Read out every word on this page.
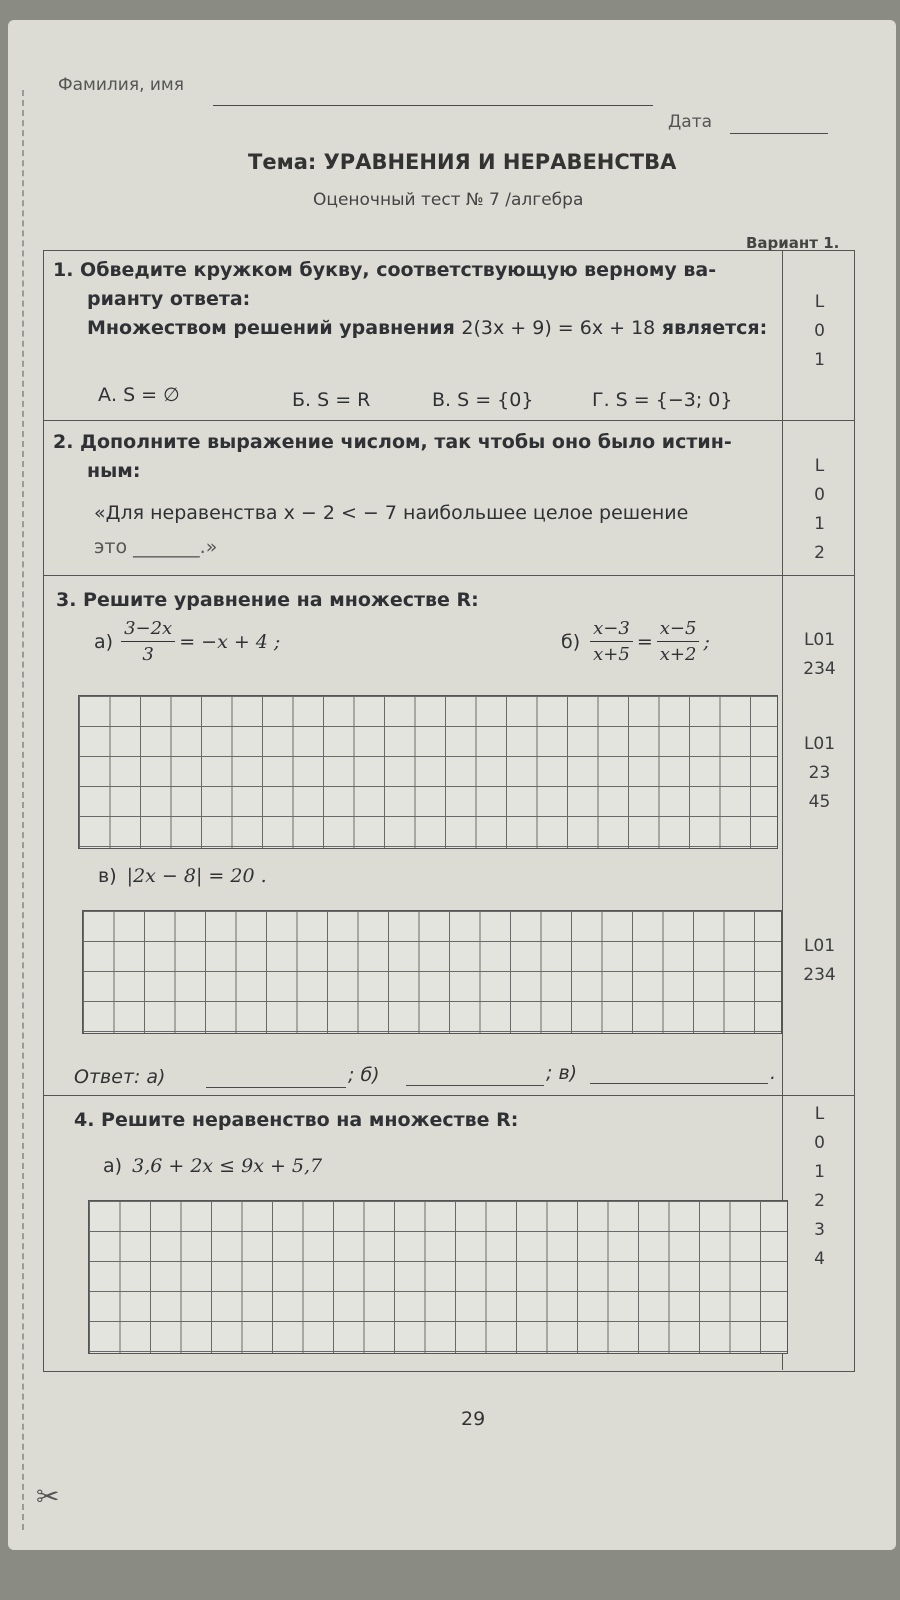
✂
Фамилия, имя
Дата
Тема: УРАВНЕНИЯ И НЕРАВЕНСТВА
Оценочный тест № 7 /алгебра
Вариант 1.
1. Обведите кружком букву, соответствующую верному ва-
рианту ответа:
Множеством решений уравнения 2(3x + 9) = 6x + 18 является:
А. S = ∅	Б. S = R	В. S = {0}	Г. S = {−3; 0}
L
0
1
2. Дополните выражение числом, так чтобы оно было истин-
ным:
«Для неравенства x − 2 < − 7 наибольшее целое решение
это _______.»
L
0
1
2
3. Решите уравнение на множестве R:
$а) \frac{3-2x}{3} = -x + 4$ ;	$б) \frac{x-3}{x+5} = \frac{x-5}{x+2}$ ;	L01
234
L01
23
45
в) |2x − 8| = 20 .
L01
234
Ответ: а)	; б)	; в)	.
4. Решите неравенство на множестве R:
а) 3,6 + 2x ≤ 9x + 5,7
L
0
1
2
3
4
29
